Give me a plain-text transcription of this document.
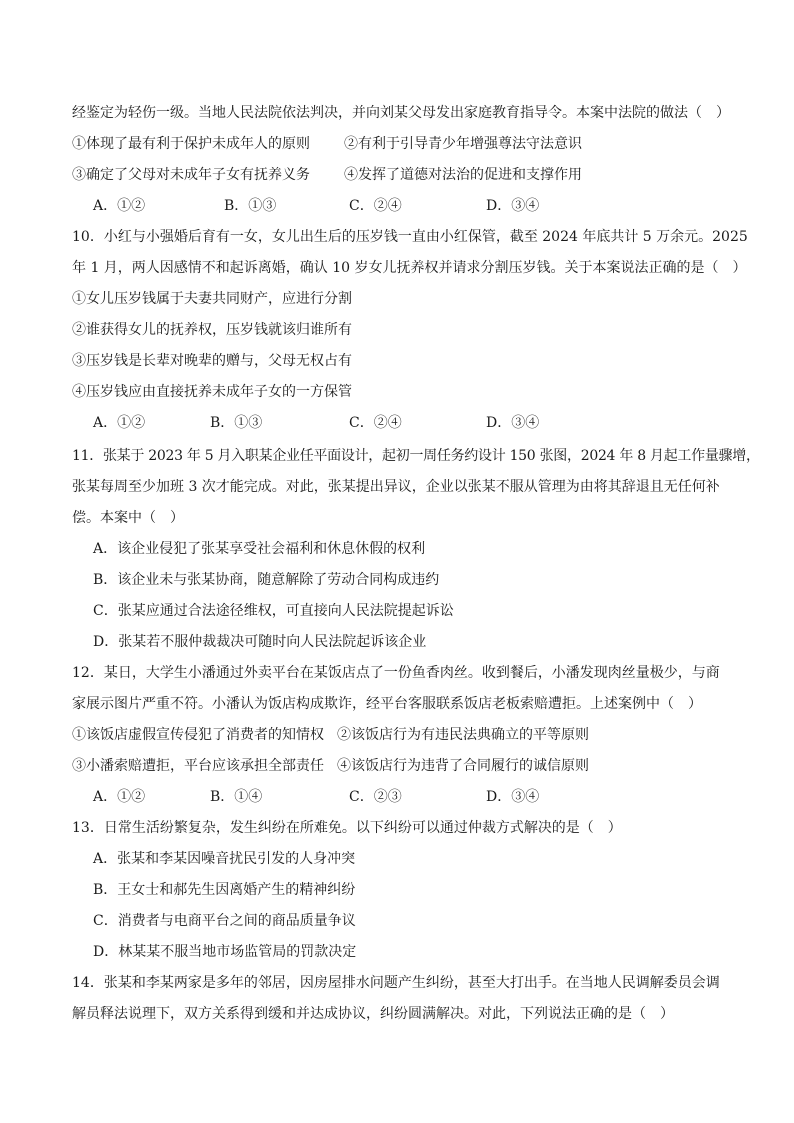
经鉴定为轻伤一级。当地人民法院依法判决，并向刘某父母发出家庭教育指导令。本案中法院的做法（　）
①体现了最有利于保护未成年人的原则 ②有利于引导青少年增强尊法守法意识
③确定了父母对未成年子女有抚养义务 ④发挥了道德对法治的促进和支撑作用
A．①②	B．①③	C．②④	D．③④
10．小红与小强婚后育有一女，女儿出生后的压岁钱一直由小红保管，截至 2024 年底共计 5 万余元。2025
年 1 月，两人因感情不和起诉离婚，确认 10 岁女儿抚养权并请求分割压岁钱。关于本案说法正确的是（　）
①女儿压岁钱属于夫妻共同财产，应进行分割
②谁获得女儿的抚养权，压岁钱就该归谁所有
③压岁钱是长辈对晚辈的赠与，父母无权占有
④压岁钱应由直接抚养未成年子女的一方保管
A．①②	B．①③	C．②④	D．③④
11．张某于 2023 年 5 月入职某企业任平面设计，起初一周任务约设计 150 张图，2024 年 8 月起工作量骤增，
张某每周至少加班 3 次才能完成。对此，张某提出异议，企业以张某不服从管理为由将其辞退且无任何补
偿。本案中（　）
A．该企业侵犯了张某享受社会福利和休息休假的权利
B．该企业未与张某协商，随意解除了劳动合同构成违约
C．张某应通过合法途径维权，可直接向人民法院提起诉讼
D．张某若不服仲裁裁决可随时向人民法院起诉该企业
12．某日，大学生小潘通过外卖平台在某饭店点了一份鱼香肉丝。收到餐后，小潘发现肉丝量极少，与商
家展示图片严重不符。小潘认为饭店构成欺诈，经平台客服联系饭店老板索赔遭拒。上述案例中（　）
①该饭店虚假宣传侵犯了消费者的知情权 ②该饭店行为有违民法典确立的平等原则
③小潘索赔遭拒，平台应该承担全部责任 ④该饭店行为违背了合同履行的诚信原则
A．①②	B．①④	C．②③	D．③④
13．日常生活纷繁复杂，发生纠纷在所难免。以下纠纷可以通过仲裁方式解决的是（　）
A．张某和李某因噪音扰民引发的人身冲突
B．王女士和郝先生因离婚产生的精神纠纷
C．消费者与电商平台之间的商品质量争议
D．林某某不服当地市场监管局的罚款决定
14．张某和李某两家是多年的邻居，因房屋排水问题产生纠纷，甚至大打出手。在当地人民调解委员会调
解员释法说理下，双方关系得到缓和并达成协议，纠纷圆满解决。对此，下列说法正确的是（　）
